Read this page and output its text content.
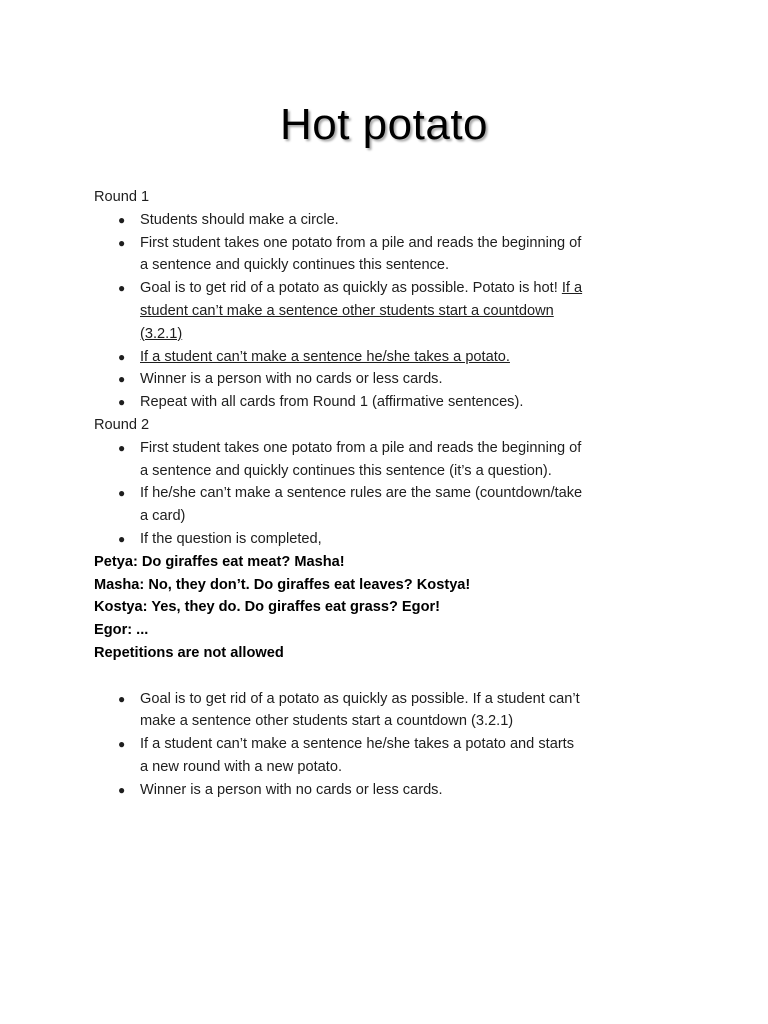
Hot potato
Round 1
● Students should make a circle.
● First student takes one potato from a pile and reads the beginning of
a sentence and quickly continues this sentence.
● Goal is to get rid of a potato as quickly as possible. Potato is hot! If a
student can’t make a sentence other students start a countdown
(3.2.1)
● If a student can’t make a sentence he/she takes a potato.
● Winner is a person with no cards or less cards.
● Repeat with all cards from Round 1 (affirmative sentences).
Round 2
● First student takes one potato from a pile and reads the beginning of
a sentence and quickly continues this sentence (it’s a question).
● If he/she can’t make a sentence rules are the same (countdown/take
a card)
● If the question is completed,
Petya: Do giraffes eat meat? Masha!
Masha: No, they don’t. Do giraffes eat leaves? Kostya!
Kostya: Yes, they do. Do giraffes eat grass? Egor!
Egor: ...
Repetitions are not allowed
● Goal is to get rid of a potato as quickly as possible. If a student can’t
make a sentence other students start a countdown (3.2.1)
● If a student can’t make a sentence he/she takes a potato and starts
a new round with a new potato.
● Winner is a person with no cards or less cards.
